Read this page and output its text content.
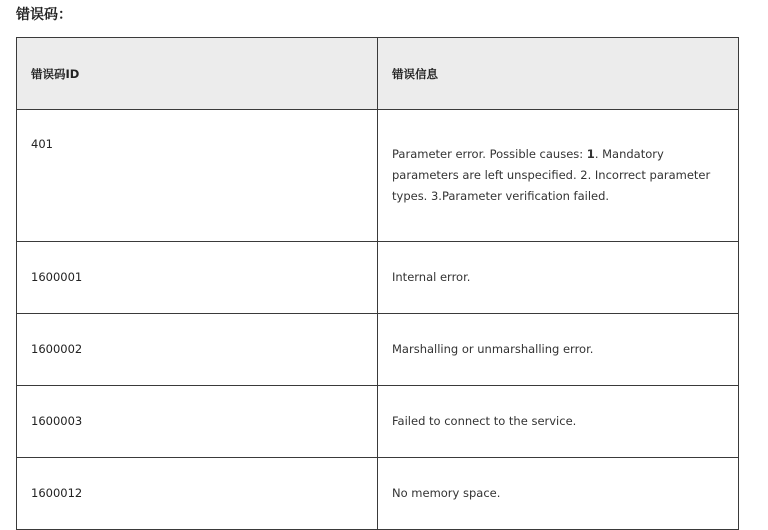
错误码：
错误码ID	错误信息
401	Parameter error. Possible causes: 1. Mandatory parameters are left unspecified. 2. Incorrect parameter types. 3.Parameter verification failed.
1600001	Internal error.
1600002	Marshalling or unmarshalling error.
1600003	Failed to connect to the service.
1600012	No memory space.
